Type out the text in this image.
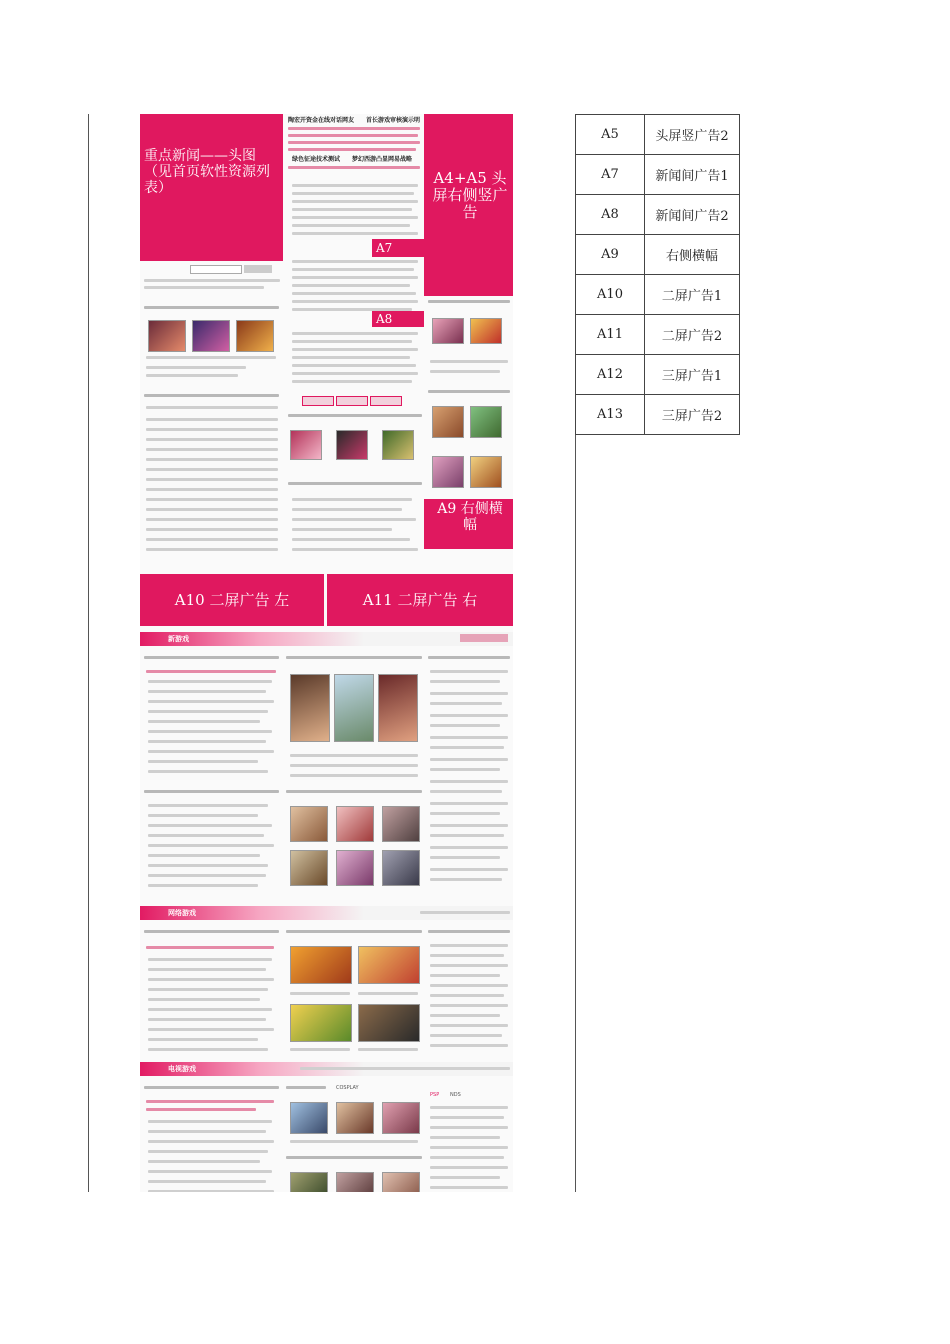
重点新闻——头图（见首页软性资源列表）
陶宏开资金在线对话网友 首长游戏审核演示明
绿色征途技术测试 梦幻西游凸显网易战略
A7
A4+A5 头屏右侧竖广告
A8
A9 右侧横幅
A10 二屏广告 左	A11 二屏广告 右
新游戏
网络游戏
电视游戏
COSPLAY
PSP NDS
A5	头屏竖广告2
A7	新闻间广告1
A8	新闻间广告2
A9	右侧横幅
A10	二屏广告1
A11	二屏广告2
A12	三屏广告1
A13	三屏广告2
